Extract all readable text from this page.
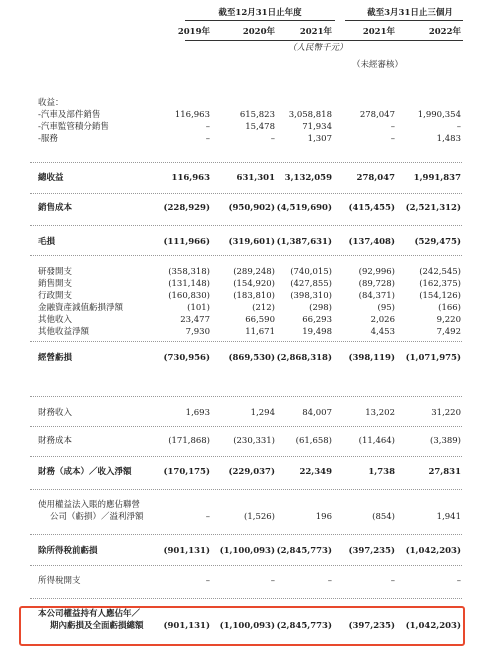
截至12月31日止年度	截至3月31日止三個月
2019年	2020年	2021年	2021年	2022年
（人民幣千元）
（未經審核）
收益：
-汽車及部件銷售	116,963	615,823	3,058,818	278,047	1,990,354
-汽車監管積分銷售	–	15,478	71,934	–	–
-服務	–	–	1,307	–	1,483
總收益	116,963	631,301	3,132,059	278,047	1,991,837
銷售成本	(228,929)	(950,902) (4,519,690)	(415,455)	(2,521,312)
毛損	(111,966)	(319,601) (1,387,631)	(137,408)	(529,475)
研發開支	(358,318)	(289,248)	(740,015)	(92,996)	(242,545)
銷售開支	(131,148)	(154,920)	(427,855)	(89,728)	(162,375)
行政開支	(160,830)	(183,810)	(398,310)	(84,371)	(154,126)
金融資產減值虧損淨額	(101)	(212)	(298)	(95)	(166)
其他收入	23,477	66,590	66,293	2,026	9,220
其他收益淨額	7,930	11,671	19,498	4,453	7,492
經營虧損	(730,956)	(869,530) (2,868,318)	(398,119)	(1,071,975)
財務收入	1,693	1,294	84,007	13,202	31,220
財務成本	(171,868)	(230,331)	(61,658)	(11,464)	(3,389)
財務（成本）／收入淨額	(170,175)	(229,037)	22,349	1,738	27,831
使用權益法入賬的應佔聯營
公司（虧損）／溢利淨額	–	(1,526)	196	(854)	1,941
除所得稅前虧損	(901,131)	(1,100,093) (2,845,773)	(397,235)	(1,042,203)
所得稅開支	–	–	–	–	–
本公司權益持有人應佔年／
期內虧損及全面虧損總額	(901,131)	(1,100,093) (2,845,773)	(397,235)	(1,042,203)
